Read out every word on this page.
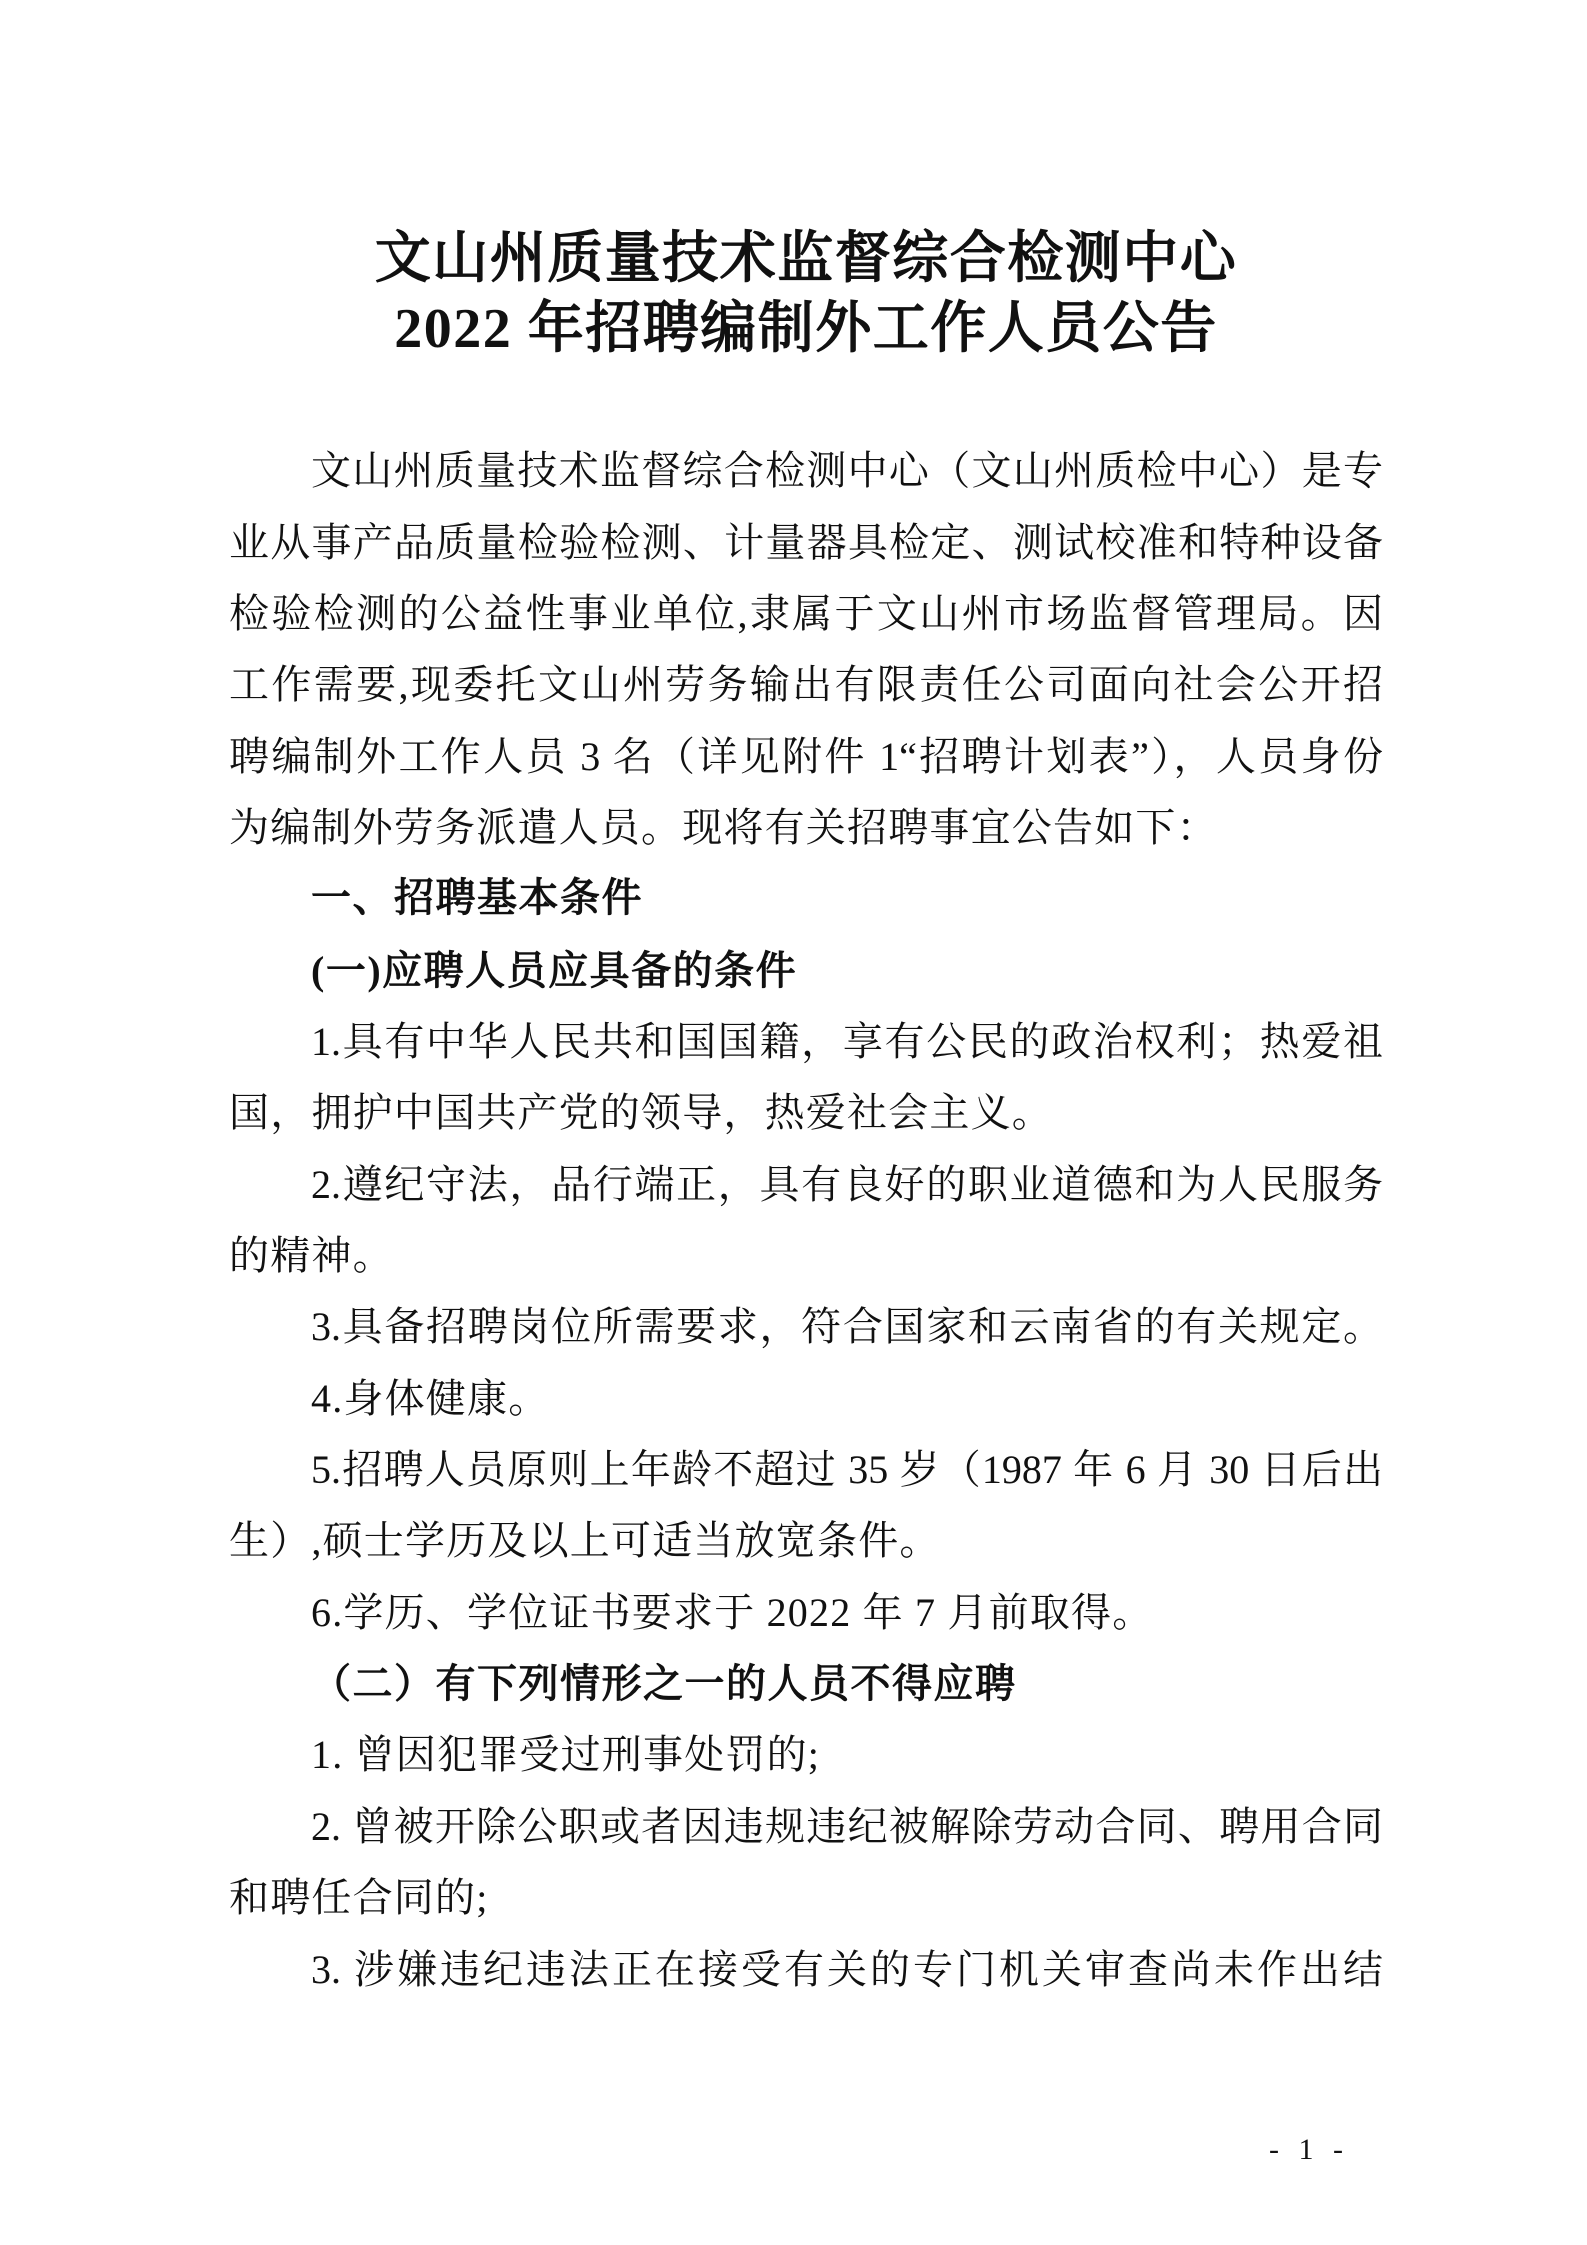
文山州质量技术监督综合检测中心
2022 年招聘编制外工作人员公告
文山州质量技术监督综合检测中心（文山州质检中心）是专
业从事产品质量检验检测、计量器具检定、测试校准和特种设备
检验检测的公益性事业单位,隶属于文山州市场监督管理局。因
工作需要,现委托文山州劳务输出有限责任公司面向社会公开招
聘编制外工作人员 3 名（详见附件 1“招聘计划表”），人员身份
为编制外劳务派遣人员。现将有关招聘事宜公告如下：
一、招聘基本条件
(一)应聘人员应具备的条件
1.具有中华人民共和国国籍，享有公民的政治权利；热爱祖
国，拥护中国共产党的领导，热爱社会主义。
2.遵纪守法，品行端正，具有良好的职业道德和为人民服务
的精神。
3.具备招聘岗位所需要求，符合国家和云南省的有关规定。
4.身体健康。
5.招聘人员原则上年龄不超过 35 岁（1987 年 6 月 30 日后出
生）,硕士学历及以上可适当放宽条件。
6.学历、学位证书要求于 2022 年 7 月前取得。
（二）有下列情形之一的人员不得应聘
1. 曾因犯罪受过刑事处罚的;
2. 曾被开除公职或者因违规违纪被解除劳动合同、聘用合同
和聘任合同的;
3. 涉嫌违纪违法正在接受有关的专门机关审查尚未作出结
- 1 -
